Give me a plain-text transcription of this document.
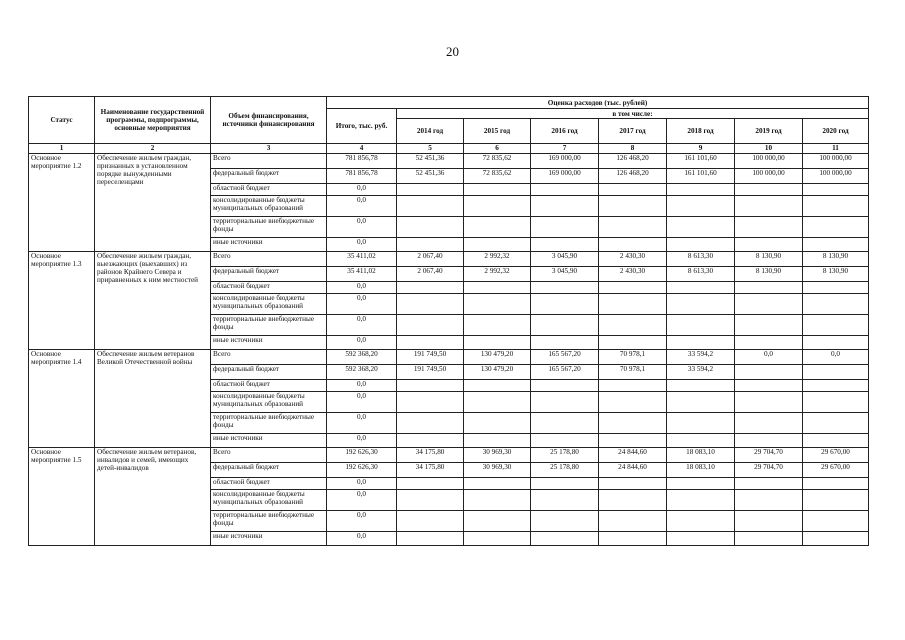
20
Статус	Наименование государственной программы, подпрограммы, основные мероприятия	Объем финансирования, источники финансирования	Оценка расходов (тыс. рублей)							
			Итого, тыс. руб.	в том числе:						
				2014 год	2015 год	2016 год	2017 год	2018 год	2019 год	2020 год
1	2	3	4	5	6	7	8	9	10	11
Основное мероприятие 1.2	Обеспечение жильем граждан, признанных в установленном порядке вынужденными переселенцами	Всего	781 856,78	52 451,36	72 835,62	169 000,00	126 468,20	161 101,60	100 000,00	100 000,00
		федеральный бюджет	781 856,78	52 451,36	72 835,62	169 000,00	126 468,20	161 101,60	100 000,00	100 000,00
		областной бюджет	0,0							
		консолидированные бюджеты муниципальных образований	0,0							
		территориальные внебюджетные фонды	0,0							
		иные источники	0,0							
Основное мероприятие 1.3	Обеспечение жильем граждан, выезжающих (выехавших) из районов Крайнего Севера и приравненных к ним местностей	Всего	35 411,02	2 067,40	2 992,32	3 045,90	2 430,30	8 613,30	8 130,90	8 130,90
		федеральный бюджет	35 411,02	2 067,40	2 992,32	3 045,90	2 430,30	8 613,30	8 130,90	8 130,90
		областной бюджет	0,0							
		консолидированные бюджеты муниципальных образований	0,0							
		территориальные внебюджетные фонды	0,0							
		иные источники	0,0							
Основное мероприятие 1.4	Обеспечение жильем ветеранов Великой Отечественной войны	Всего	592 368,20	191 749,50	130 479,20	165 567,20	70 978,1	33 594,2	0,0	0,0
		федеральный бюджет	592 368,20	191 749,50	130 479,20	165 567,20	70 978,1	33 594,2		
		областной бюджет	0,0							
		консолидированные бюджеты муниципальных образований	0,0							
		территориальные внебюджетные фонды	0,0							
		иные источники	0,0							
Основное мероприятие 1.5	Обеспечение жильем ветеранов, инвалидов и семей, имеющих детей-инвалидов	Всего	192 626,30	34 175,80	30 969,30	25 178,80	24 844,60	18 083,10	29 704,70	29 670,00
		федеральный бюджет	192 626,30	34 175,80	30 969,30	25 178,80	24 844,60	18 083,10	29 704,70	29 670,00
		областной бюджет	0,0							
		консолидированные бюджеты муниципальных образований	0,0							
		территориальные внебюджетные фонды	0,0							
		иные источники	0,0							
